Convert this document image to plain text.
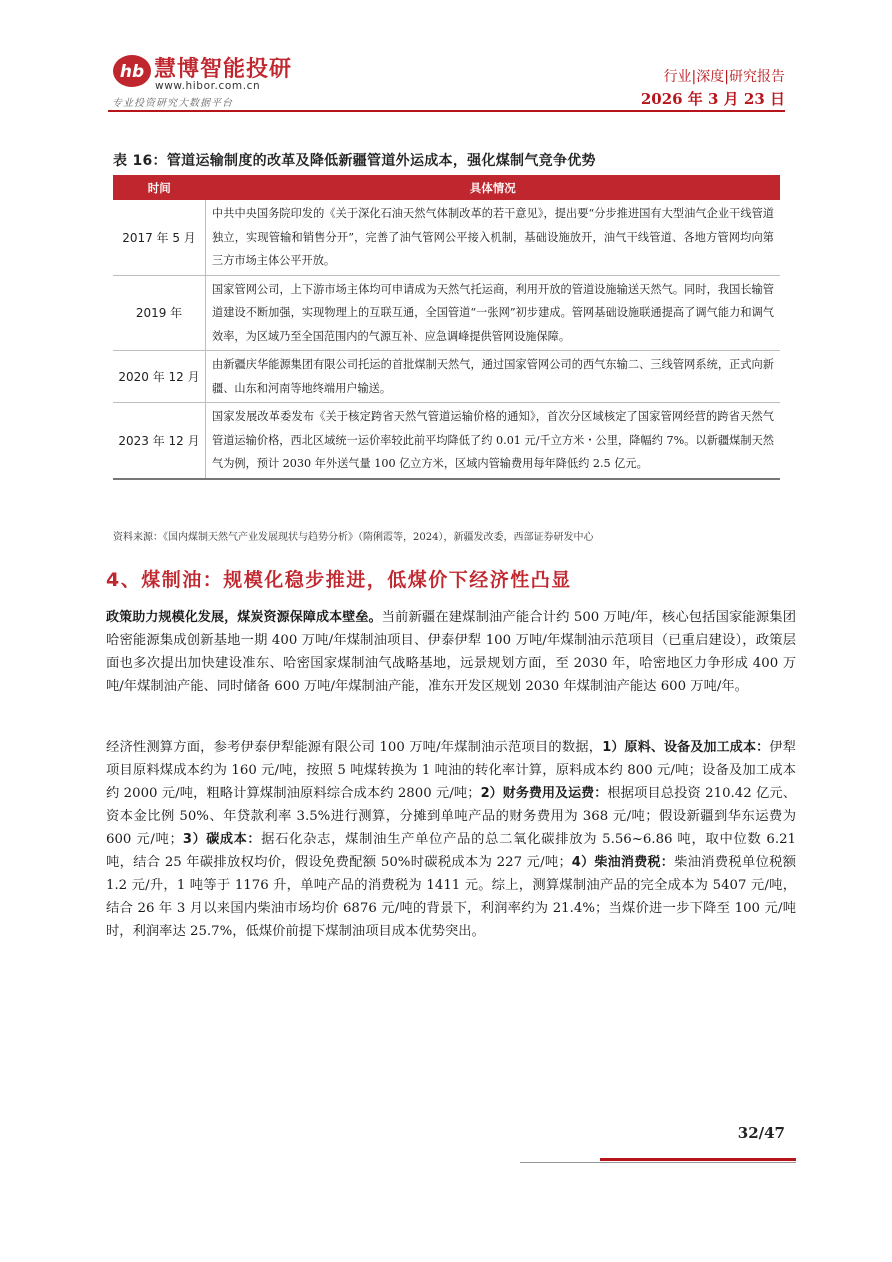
hb 慧博智能投研
www.hibor.com.cn
专业投资研究大数据平台
行业|深度|研究报告
2026 年 3 月 23 日
表 16：管道运输制度的改革及降低新疆管道外运成本，强化煤制气竞争优势
时间	具体情况
2017 年 5 月	中共中央国务院印发的《关于深化石油天然气体制改革的若干意见》，提出要“分步推进国有大型油气企业干线管道独立，实现管输和销售分开”，完善了油气管网公平接入机制，基础设施放开，油气干线管道、各地方管网均向第三方市场主体公平开放。
2019 年	国家管网公司，上下游市场主体均可申请成为天然气托运商，利用开放的管道设施输送天然气。同时，我国长输管道建设不断加强，实现物理上的互联互通，全国管道“一张网”初步建成。管网基础设施联通提高了调气能力和调气效率，为区域乃至全国范围内的气源互补、应急调峰提供管网设施保障。
2020 年 12 月	由新疆庆华能源集团有限公司托运的首批煤制天然气，通过国家管网公司的西气东输二、三线管网系统，正式向新疆、山东和河南等地终端用户输送。
2023 年 12 月	国家发展改革委发布《关于核定跨省天然气管道运输价格的通知》，首次分区域核定了国家管网经营的跨省天然气管道运输价格，西北区域统一运价率较此前平均降低了约 0.01 元/千立方米・公里，降幅约 7%。以新疆煤制天然气为例，预计 2030 年外送气量 100 亿立方米，区域内管输费用每年降低约 2.5 亿元。
资料来源：《国内煤制天然气产业发展现状与趋势分析》（隋俐霞等，2024），新疆发改委，西部证券研发中心
4、煤制油：规模化稳步推进，低煤价下经济性凸显
政策助力规模化发展，煤炭资源保障成本壁垒。当前新疆在建煤制油产能合计约 500 万吨/年，核心包括国家能源集团哈密能源集成创新基地一期 400 万吨/年煤制油项目、伊泰伊犁 100 万吨/年煤制油示范项目（已重启建设），政策层面也多次提出加快建设准东、哈密国家煤制油气战略基地，远景规划方面，至 2030 年，哈密地区力争形成 400 万吨/年煤制油产能、同时储备 600 万吨/年煤制油产能，准东开发区规划 2030 年煤制油产能达 600 万吨/年。
经济性测算方面，参考伊泰伊犁能源有限公司 100 万吨/年煤制油示范项目的数据，1）原料、设备及加工成本：伊犁项目原料煤成本约为 160 元/吨，按照 5 吨煤转换为 1 吨油的转化率计算，原料成本约 800 元/吨；设备及加工成本约 2000 元/吨，粗略计算煤制油原料综合成本约 2800 元/吨；2）财务费用及运费：根据项目总投资 210.42 亿元、资本金比例 50%、年贷款利率 3.5%进行测算，分摊到单吨产品的财务费用为 368 元/吨；假设新疆到华东运费为 600 元/吨；3）碳成本：据石化杂志，煤制油生产单位产品的总二氧化碳排放为 5.56~6.86 吨，取中位数 6.21 吨，结合 25 年碳排放权均价，假设免费配额 50%时碳税成本为 227 元/吨；4）柴油消费税：柴油消费税单位税额 1.2 元/升，1 吨等于 1176 升，单吨产品的消费税为 1411 元。综上，测算煤制油产品的完全成本为 5407 元/吨，结合 26 年 3 月以来国内柴油市场均价 6876 元/吨的背景下，利润率约为 21.4%；当煤价进一步下降至 100 元/吨时，利润率达 25.7%，低煤价前提下煤制油项目成本优势突出。
32/47
